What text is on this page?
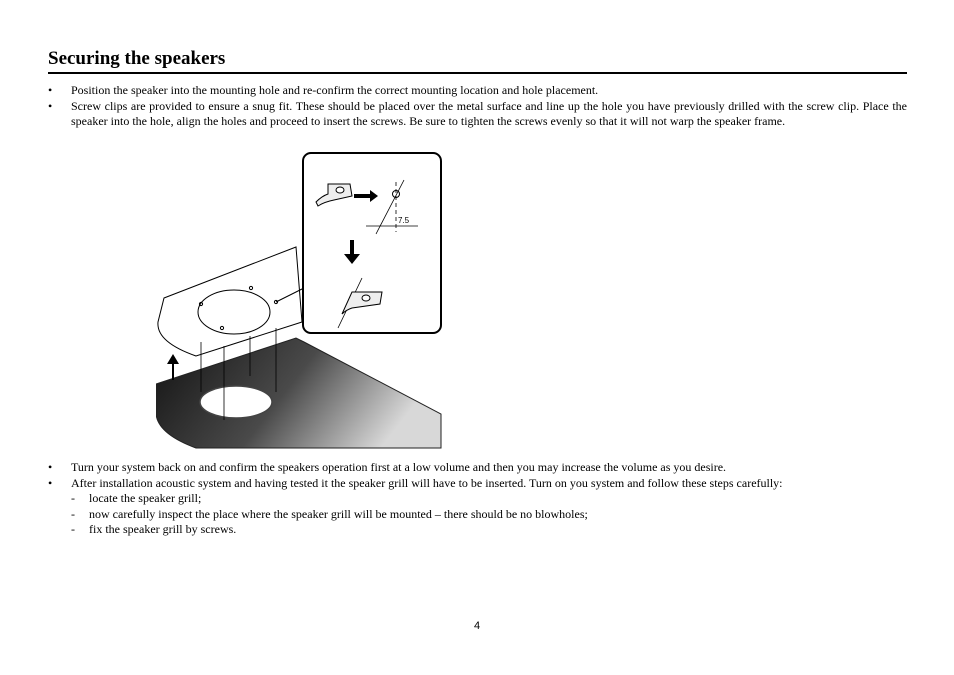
Securing the speakers
• Position the speaker into the mounting hole and re-confirm the correct mounting location and hole placement.
• Screw clips are provided to ensure a snug fit. These should be placed over the metal surface and line up the hole you have previously drilled with the screw clip. Place the speaker into the hole, align the holes and proceed to insert the screws. Be sure to tighten the screws evenly so that it will not warp the speaker frame.
7.5
• Turn your system back on and confirm the speakers operation first at a low volume and then you may increase the volume as you desire.
• After installation acoustic system and having tested it the speaker grill will have to be inserted. Turn on you system and follow these steps carefully:
- locate the speaker grill;
- now carefully inspect the place where the speaker grill will be mounted – there should be no blowholes;
- fix the speaker grill by screws.
4
